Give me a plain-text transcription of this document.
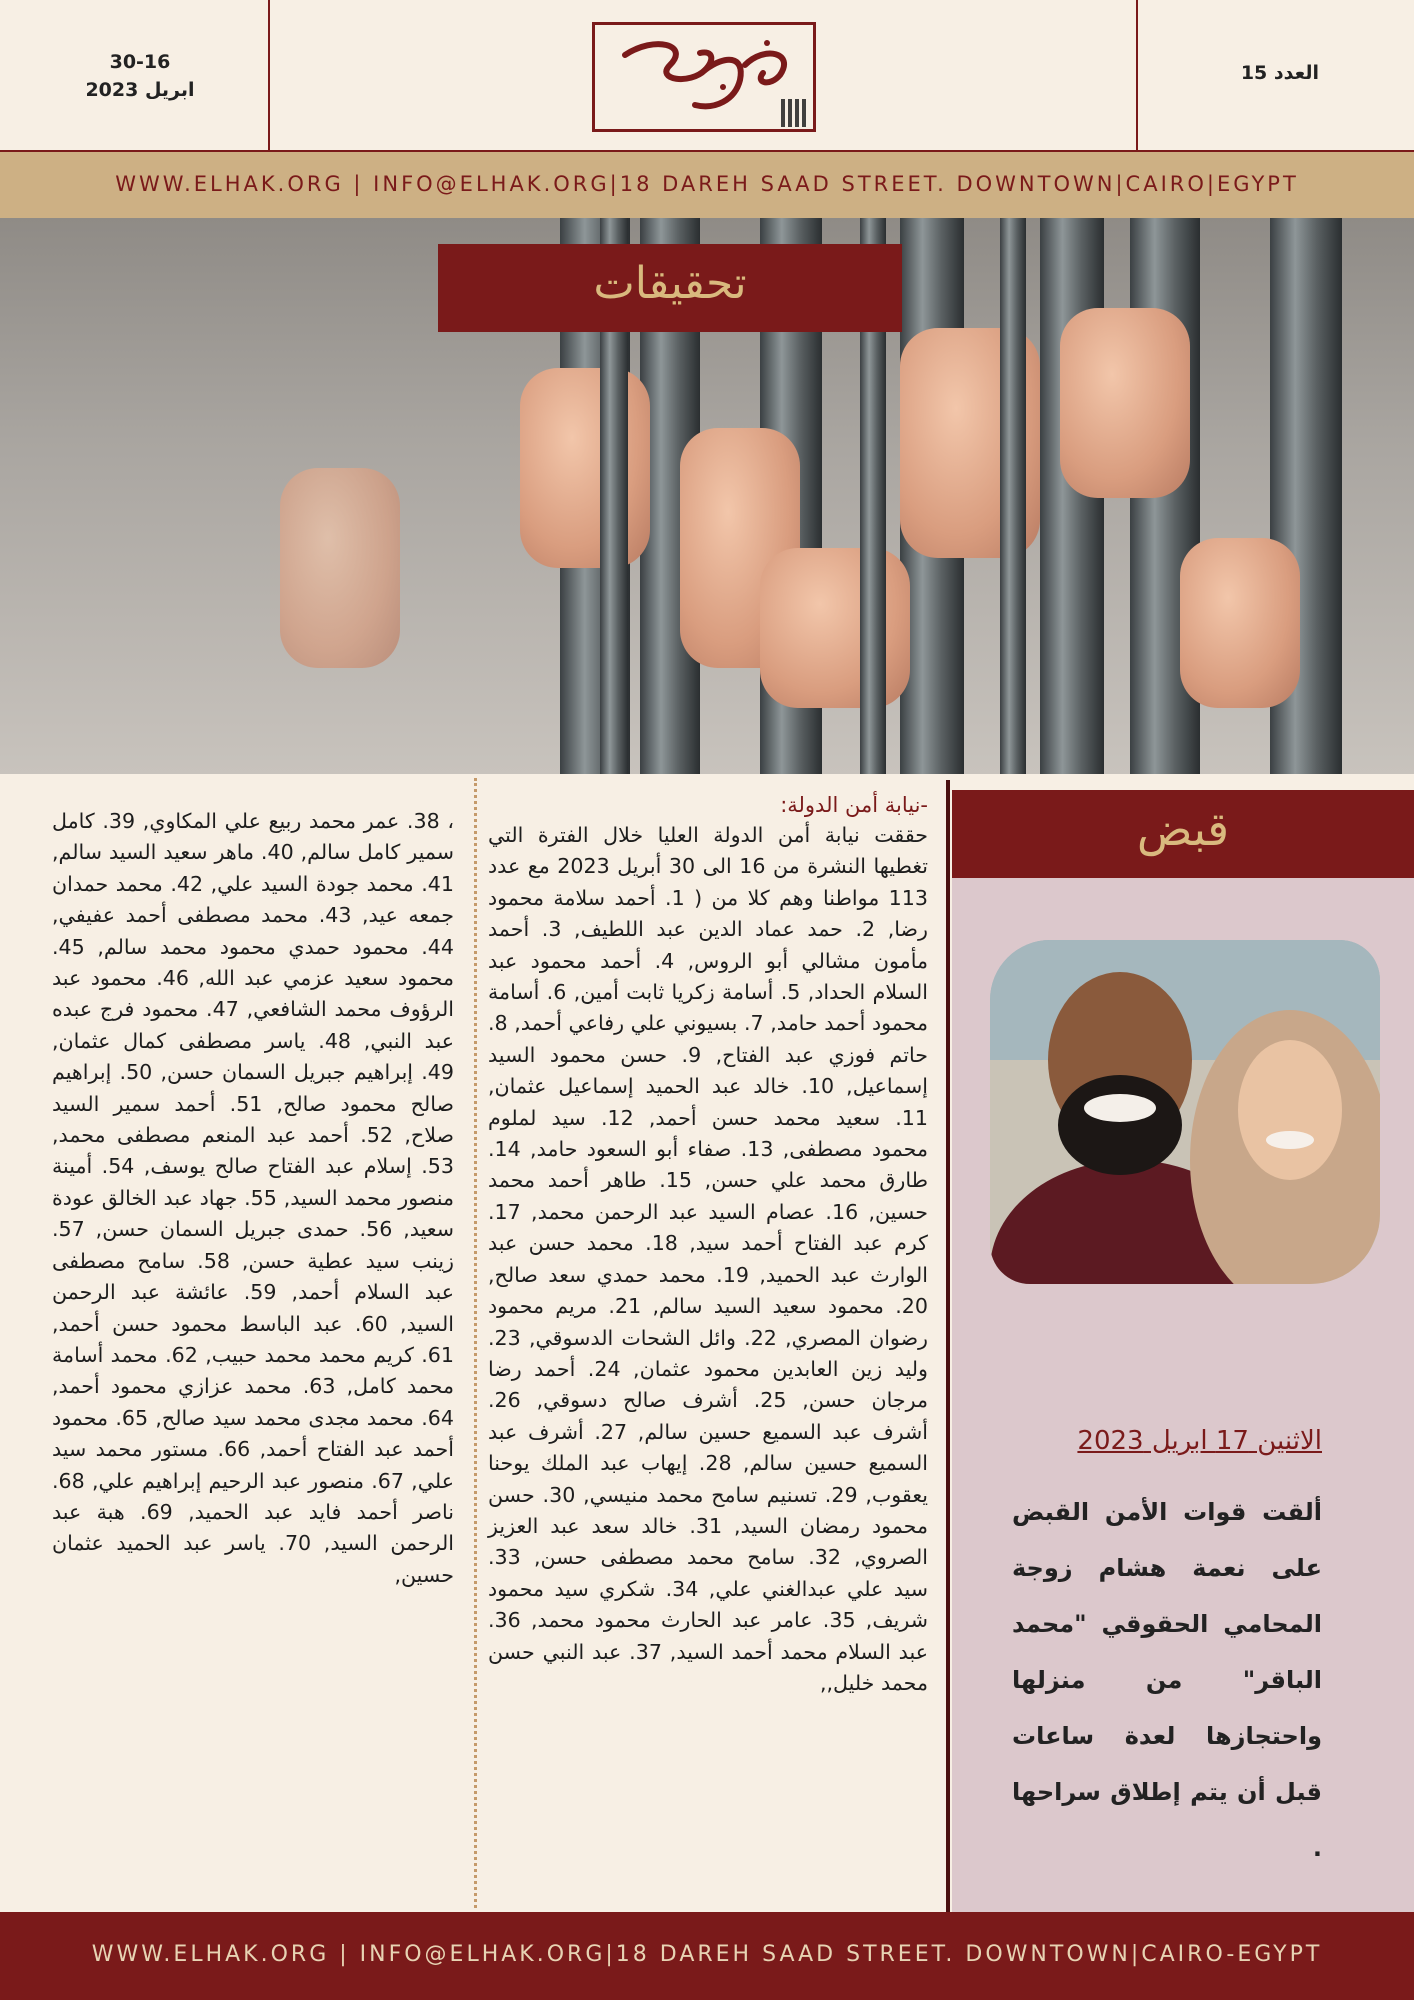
30-16
ابريل 2023
العدد 15
WWW.ELHAK.ORG | INFO@ELHAK.ORG|18 DAREH SAAD STREET. DOWNTOWN|CAIRO|EGYPT
تحقيقات
قبض
الاثنين 17 ابريل 2023
ألقت قوات الأمن القبض على نعمة هشام زوجة المحامي الحقوقي "محمد الباقر" من منزلها واحتجازها لعدة ساعات قبل أن يتم إطلاق سراحها .
-نيابة أمن الدولة:
حققت نيابة أمن الدولة العليا خلال الفترة التي تغطيها النشرة من 16 الى 30 أبريل 2023 مع عدد 113 مواطنا وهم كلا من ( 1. أحمد سلامة محمود رضا, 2. حمد عماد الدين عبد اللطيف, 3. أحمد مأمون مشالي أبو الروس, 4. أحمد محمود عبد السلام الحداد, 5. أسامة زكريا ثابت أمين, 6. أسامة محمود أحمد حامد, 7. بسيوني علي رفاعي أحمد, 8. حاتم فوزي عبد الفتاح, 9. حسن محمود السيد إسماعيل, 10. خالد عبد الحميد إسماعيل عثمان, 11. سعيد محمد حسن أحمد, 12. سيد لملوم محمود مصطفى, 13. صفاء أبو السعود حامد, 14. طارق محمد علي حسن, 15. طاهر أحمد محمد حسين, 16. عصام السيد عبد الرحمن محمد, 17. كرم عبد الفتاح أحمد سيد, 18. محمد حسن عبد الوارث عبد الحميد, 19. محمد حمدي سعد صالح, 20. محمود سعيد السيد سالم, 21. مريم محمود رضوان المصري, 22. وائل الشحات الدسوقي, 23. وليد زين العابدين محمود عثمان, 24. أحمد رضا مرجان حسن, 25. أشرف صالح دسوقي, 26. أشرف عبد السميع حسين سالم, 27. أشرف عبد السميع حسين سالم, 28. إيهاب عبد الملك يوحنا يعقوب, 29. تسنيم سامح محمد منيسي, 30. حسن محمود رمضان السيد, 31. خالد سعد عبد العزيز الصروي, 32. سامح محمد مصطفى حسن, 33. سيد علي عبدالغني علي, 34. شكري سيد محمود شريف, 35. عامر عبد الحارث محمود محمد, 36. عبد السلام محمد أحمد السيد, 37. عبد النبي حسن محمد خليل,,
، 38. عمر محمد ربيع علي المكاوي, 39. كامل سمير كامل سالم, 40. ماهر سعيد السيد سالم, 41. محمد جودة السيد علي, 42. محمد حمدان جمعه عيد, 43. محمد مصطفى أحمد عفيفي, 44. محمود حمدي محمود محمد سالم, 45. محمود سعيد عزمي عبد الله, 46. محمود عبد الرؤوف محمد الشافعي, 47. محمود فرج عبده عبد النبي, 48. ياسر مصطفى كمال عثمان, 49. إبراهيم جبريل السمان حسن, 50. إبراهيم صالح محمود صالح, 51. أحمد سمير السيد صلاح, 52. أحمد عبد المنعم مصطفى محمد, 53. إسلام عبد الفتاح صالح يوسف, 54. أمينة منصور محمد السيد, 55. جهاد عبد الخالق عودة سعيد, 56. حمدى جبريل السمان حسن, 57. زينب سيد عطية حسن, 58. سامح مصطفى عبد السلام أحمد, 59. عائشة عبد الرحمن السيد, 60. عبد الباسط محمود حسن أحمد, 61. كريم محمد محمد حبيب, 62. محمد أسامة محمد كامل, 63. محمد عزازي محمود أحمد, 64. محمد مجدى محمد سيد صالح, 65. محمود أحمد عبد الفتاح أحمد, 66. مستور محمد سيد علي, 67. منصور عبد الرحيم إبراهيم علي, 68. ناصر أحمد فايد عبد الحميد, 69. هبة عبد الرحمن السيد, 70. ياسر عبد الحميد عثمان حسين,
WWW.ELHAK.ORG | INFO@ELHAK.ORG|18 DAREH SAAD STREET. DOWNTOWN|CAIRO-EGYPT
